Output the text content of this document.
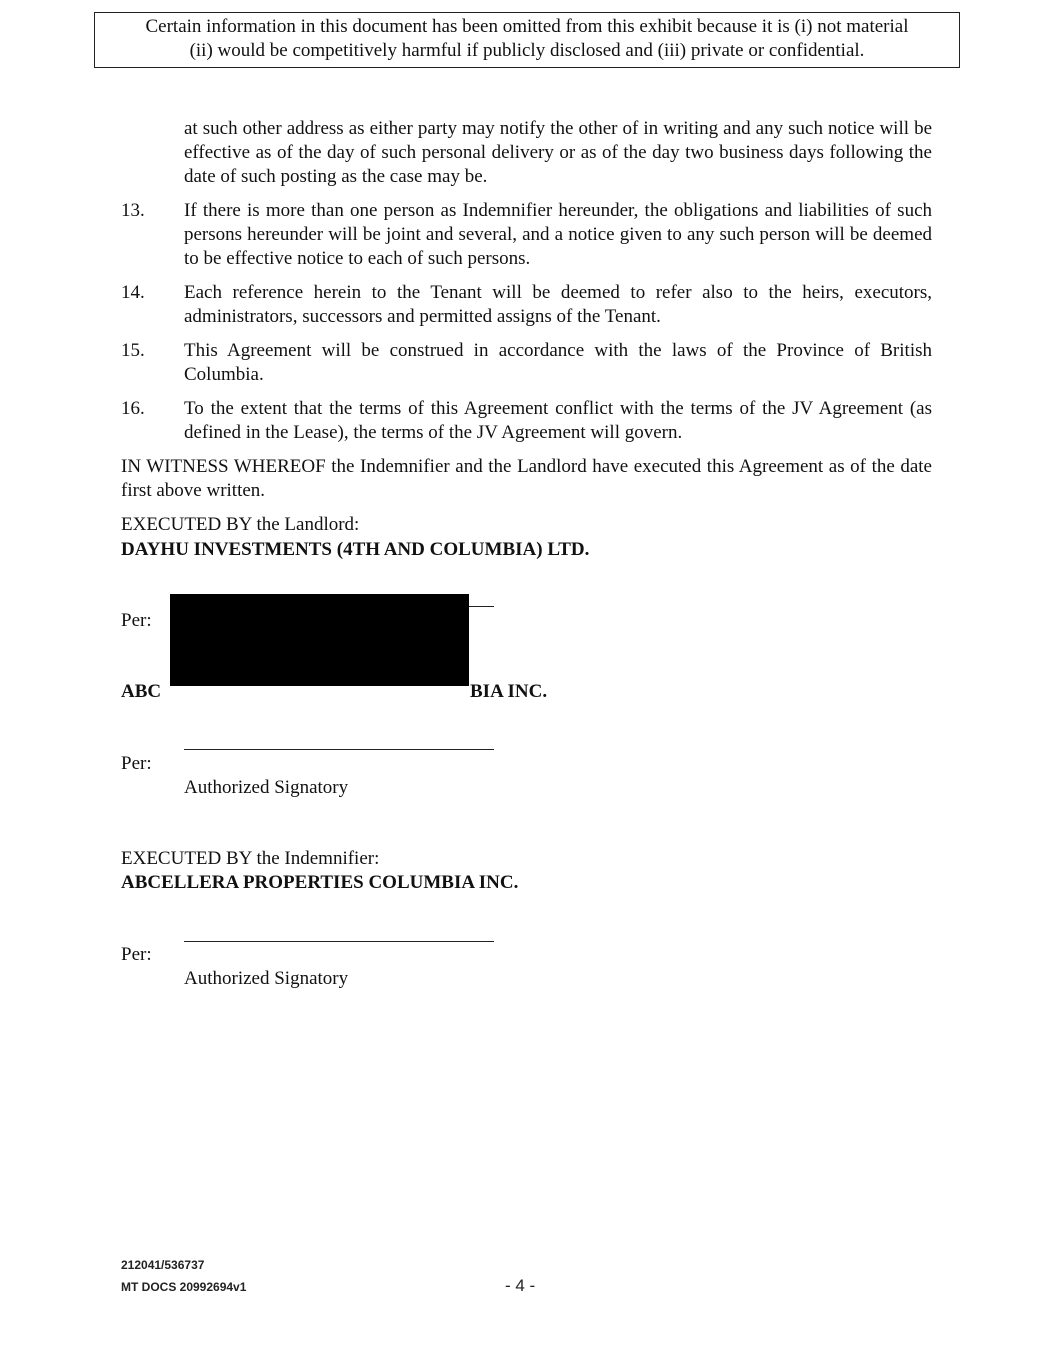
Certain information in this document has been omitted from this exhibit because it is (i) not material
(ii) would be competitively harmful if publicly disclosed and (iii) private or confidential.
at such other address as either party may notify the other of in writing and any such notice will be effective as of the day of such personal delivery or as of the day two business days following the date of such posting as the case may be.
13. If there is more than one person as Indemnifier hereunder, the obligations and liabilities of such persons hereunder will be joint and several, and a notice given to any such person will be deemed to be effective notice to each of such persons.
14. Each reference herein to the Tenant will be deemed to refer also to the heirs, executors, administrators, successors and permitted assigns of the Tenant.
15. This Agreement will be construed in accordance with the laws of the Province of British Columbia.
16. To the extent that the terms of this Agreement conflict with the terms of the JV Agreement (as defined in the Lease), the terms of the JV Agreement will govern.
IN WITNESS WHEREOF the Indemnifier and the Landlord have executed this Agreement as of the date first above written.
EXECUTED BY the Landlord:
DAYHU INVESTMENTS (4TH AND COLUMBIA) LTD.
Per:
ABC	BIA INC.
Per:
Authorized Signatory
EXECUTED BY the Indemnifier:
ABCELLERA PROPERTIES COLUMBIA INC.
Per:
Authorized Signatory
212041/536737
MT DOCS 20992694v1	- 4 -
